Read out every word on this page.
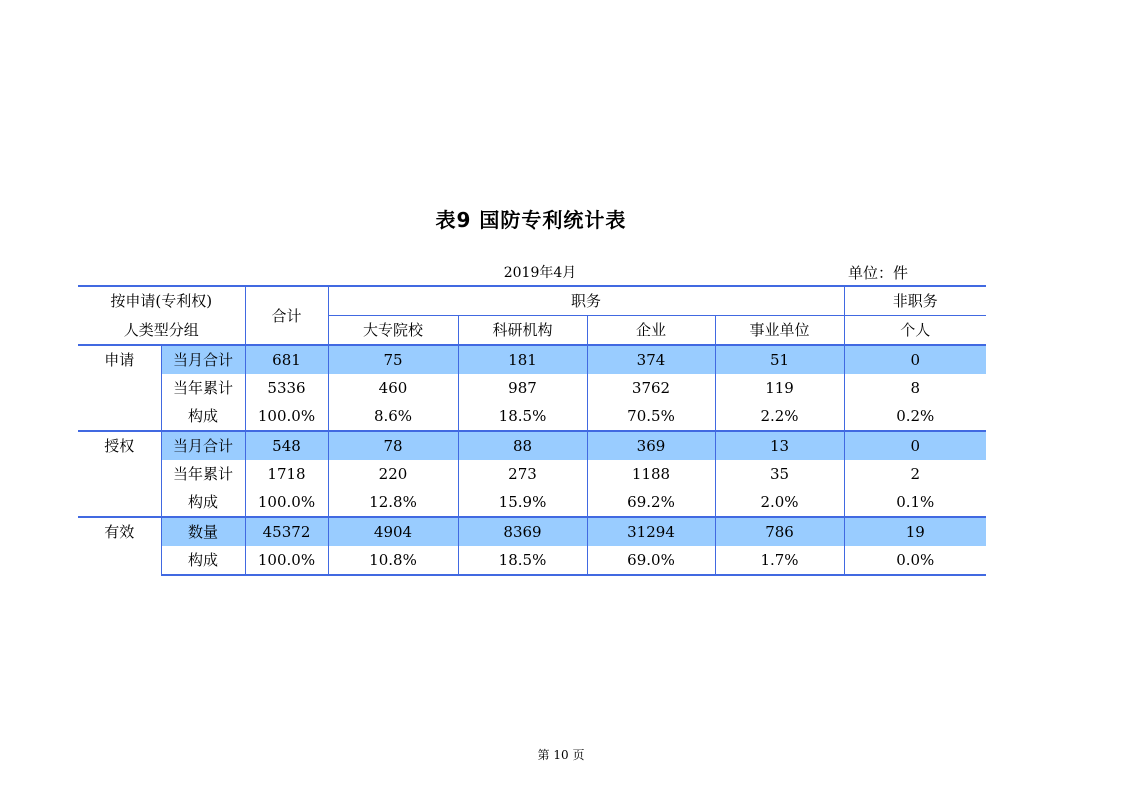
表9 国防专利统计表
2019年4月	单位：件
按申请(专利权)		合计	职务				非职务
人类型分组			大专院校	科研机构	企业	事业单位	个人
申请	当月合计	681	75	181	374	51	0
	当年累计	5336	460	987	3762	119	8
	构成	100.0%	8.6%	18.5%	70.5%	2.2%	0.2%
授权	当月合计	548	78	88	369	13	0
	当年累计	1718	220	273	1188	35	2
	构成	100.0%	12.8%	15.9%	69.2%	2.0%	0.1%
有效	数量	45372	4904	8369	31294	786	19
	构成	100.0%	10.8%	18.5%	69.0%	1.7%	0.0%
第 10 页
